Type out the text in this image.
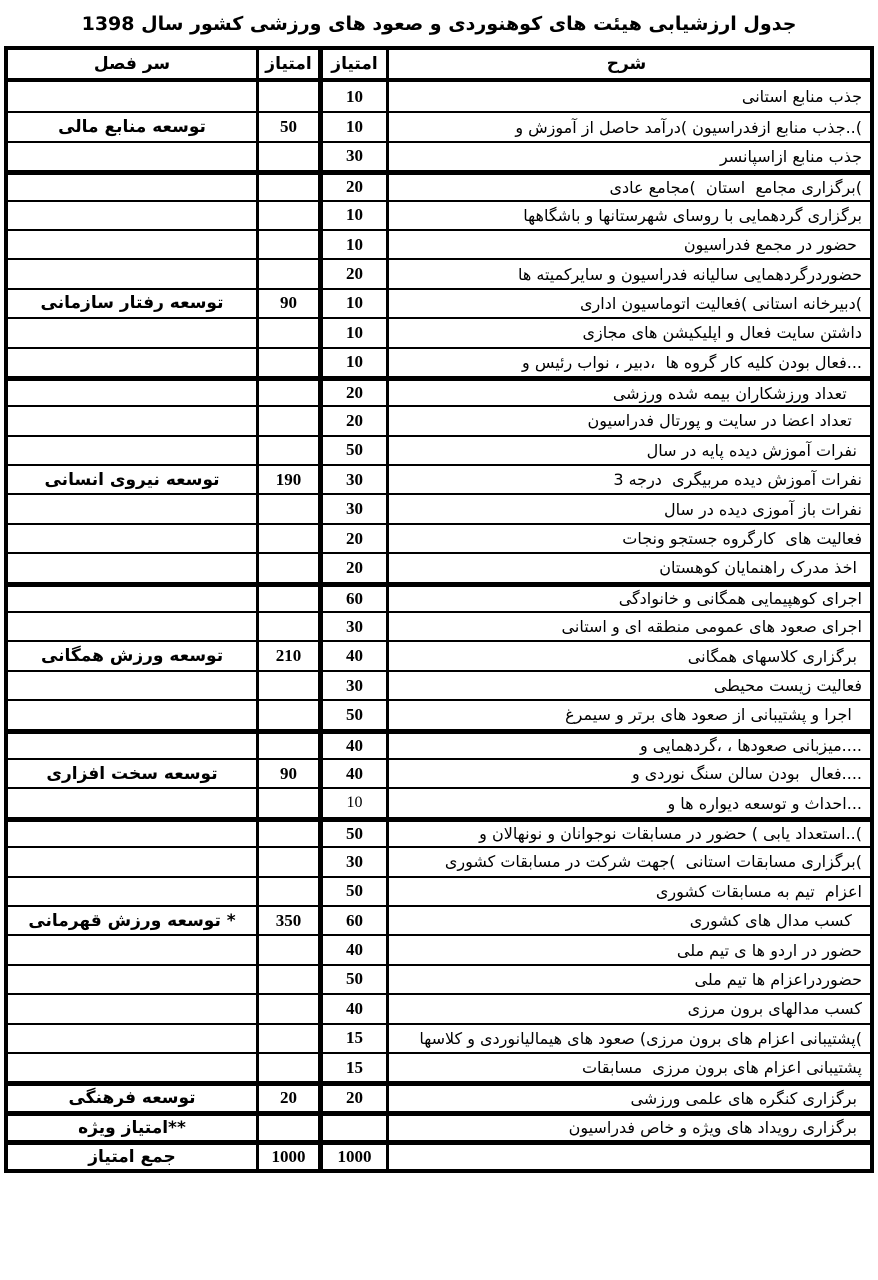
جدول ارزشیابی هیئت های کوهنوردی و صعود های ورزشی کشور سال 1398
شرح
امتیاز
امتیاز
سر فصل
جذب منابع استانی
10
)..جذب منابع ازفدراسیون )درآمد حاصل از آموزش و
10
50
توسعه منابع مالی
جذب منابع ازاسپانسر
30
)برگزاری مجامع  استان  )مجامع عادی
20
برگزاری گردهمایی با روسای شهرستانها و باشگاهها
10
حضور در مجمع فدراسیون
10
حضوردرگردهمایی سالیانه فدراسیون و سایرکمیته ها
20
)دبیرخانه استانی )فعالیت اتوماسیون اداری
10
90
توسعه رفتار سازمانی
داشتن سایت فعال و اپلیکیشن های مجازی
10
...فعال بودن کلیه کار گروه ها  ،دبیر ، نواب رئیس و
10
تعداد ورزشکاران بیمه شده ورزشی
20
تعداد اعضا در سایت و پورتال فدراسیون
20
نفرات آموزش دیده پایه در سال
50
نفرات آموزش دیده مربیگری  درجه 3
30
190
توسعه نیروی انسانی
نفرات باز آموزی دیده در سال
30
فعالیت های  کارگروه جستجو ونجات
20
اخذ مدرک راهنمایان کوهستان
20
اجرای کوهپیمایی همگانی و خانوادگی
60
اجرای صعود های عمومی منطقه ای و استانی
30
برگزاری کلاسهای همگانی
40
210
توسعه ورزش همگانی
فعالیت زیست محیطی
30
اجرا و پشتیبانی از صعود های برتر و سیمرغ
50
....میزبانی صعودها ، ،گردهمایی و
40
....فعال  بودن سالن سنگ نوردی و
40
90
توسعه سخت افزاری
...احداث و توسعه دیواره ها و
10
)..استعداد یابی ) حضور در مسابقات نوجوانان و نونهالان و
50
)برگزاری مسابقات استانی  )جهت شرکت در مسابقات کشوری
30
اعزام  تیم به مسابقات کشوری
50
کسب مدال های کشوری
60
350
* توسعه ورزش قهرمانی
حضور در اردو ها ی تیم ملی
40
حضوردراعزام ها تیم ملی
50
کسب مدالهای برون مرزی
40
)پشتیبانی اعزام های برون مرزی) صعود های هیمالیانوردی و کلاسها
15
پشتیبانی اعزام های برون مرزی  مسابقات
15
برگزاری کنگره های علمی ورزشی
20
20
توسعه فرهنگی
برگزاری رویداد های ویژه و خاص فدراسیون
**امتیاز ویژه
1000
1000
جمع امتیاز
